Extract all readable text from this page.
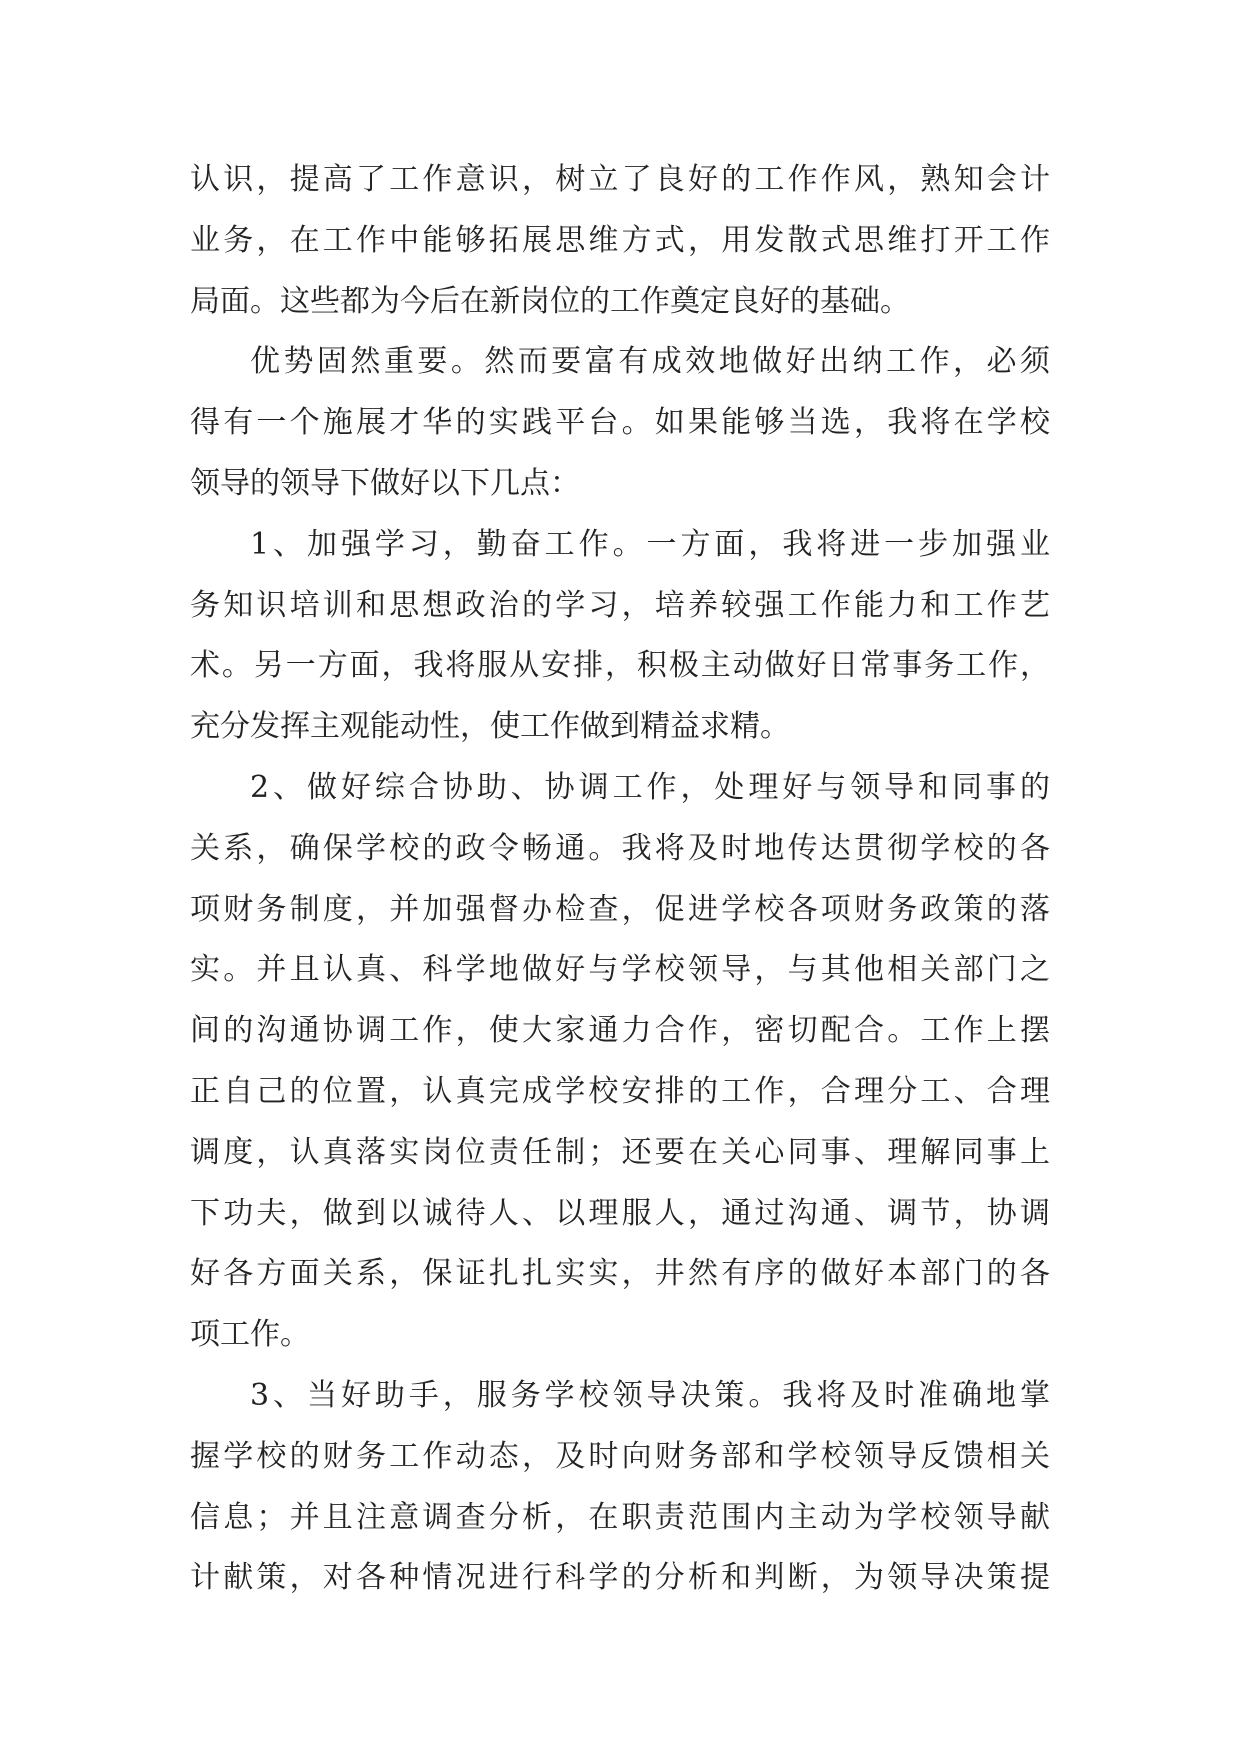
认识，提高了工作意识，树立了良好的工作作风，熟知会计
业务，在工作中能够拓展思维方式，用发散式思维打开工作
局面。这些都为今后在新岗位的工作奠定良好的基础。
优势固然重要。然而要富有成效地做好出纳工作，必须
得有一个施展才华的实践平台。如果能够当选，我将在学校
领导的领导下做好以下几点：
1、加强学习，勤奋工作。一方面，我将进一步加强业
务知识培训和思想政治的学习，培养较强工作能力和工作艺
术。另一方面，我将服从安排，积极主动做好日常事务工作，
充分发挥主观能动性，使工作做到精益求精。
2、做好综合协助、协调工作，处理好与领导和同事的
关系，确保学校的政令畅通。我将及时地传达贯彻学校的各
项财务制度，并加强督办检查，促进学校各项财务政策的落
实。并且认真、科学地做好与学校领导，与其他相关部门之
间的沟通协调工作，使大家通力合作，密切配合。工作上摆
正自己的位置，认真完成学校安排的工作，合理分工、合理
调度，认真落实岗位责任制；还要在关心同事、理解同事上
下功夫，做到以诚待人、以理服人，通过沟通、调节，协调
好各方面关系，保证扎扎实实，井然有序的做好本部门的各
项工作。
3、当好助手，服务学校领导决策。我将及时准确地掌
握学校的财务工作动态，及时向财务部和学校领导反馈相关
信息；并且注意调查分析，在职责范围内主动为学校领导献
计献策，对各种情况进行科学的分析和判断，为领导决策提
